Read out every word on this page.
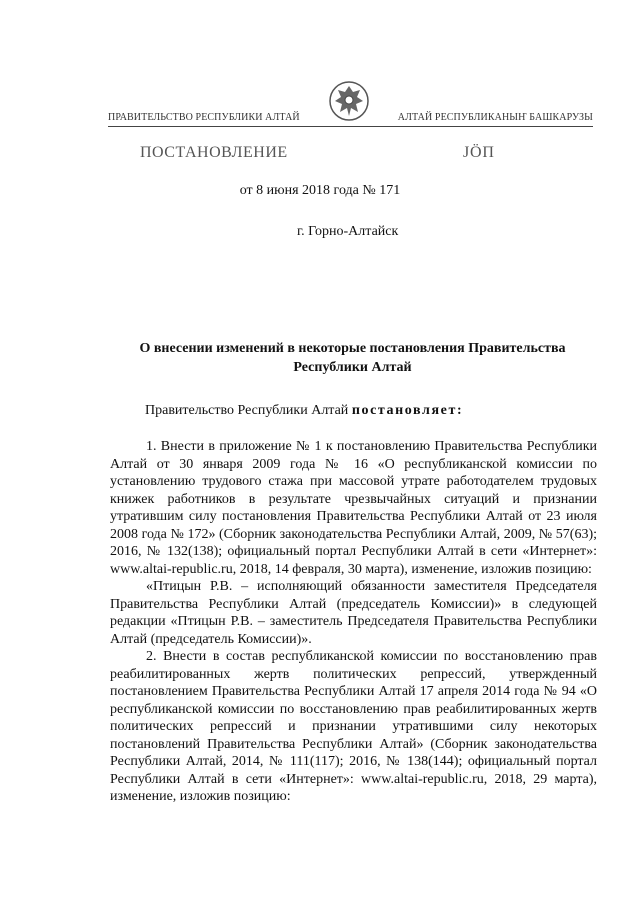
ПРАВИТЕЛЬСТВО РЕСПУБЛИКИ АЛТАЙ	АЛТАЙ РЕСПУБЛИКАНЫҤ БАШКАРУЗЫ
ПОСТАНОВЛЕНИЕ	JӦП
от 8 июня 2018 года № 171
г. Горно-Алтайск
О внесении изменений в некоторые постановления Правительства Республики Алтай
Правительство Республики Алтай постановляет:

1. Внести в приложение № 1 к постановлению Правительства Республики Алтай от 30 января 2009 года № 16 «О республиканской комиссии по установлению трудового стажа при массовой утрате работодателем трудовых книжек работников в результате чрезвычайных ситуаций и признании утратившим силу постановления Правительства Республики Алтай от 23 июля 2008 года № 172» (Сборник законодательства Республики Алтай, 2009, № 57(63); 2016, № 132(138); официальный портал Республики Алтай в сети «Интернет»: www.altai-republic.ru, 2018, 14 февраля, 30 марта), изменение, изложив позицию:

«Птицын Р.В. – исполняющий обязанности заместителя Председателя Правительства Республики Алтай (председатель Комиссии)» в следующей редакции «Птицын Р.В. – заместитель Председателя Правительства Республики Алтай (председатель Комиссии)».

2. Внести в состав республиканской комиссии по восстановлению прав реабилитированных жертв политических репрессий, утвержденный постановлением Правительства Республики Алтай 17 апреля 2014 года № 94 «О республиканской комиссии по восстановлению прав реабилитированных жертв политических репрессий и признании утратившими силу некоторых постановлений Правительства Республики Алтай» (Сборник законодательства Республики Алтай, 2014, № 111(117); 2016, № 138(144); официальный портал Республики Алтай в сети «Интернет»: www.altai-republic.ru, 2018, 29 марта), изменение, изложив позицию:
